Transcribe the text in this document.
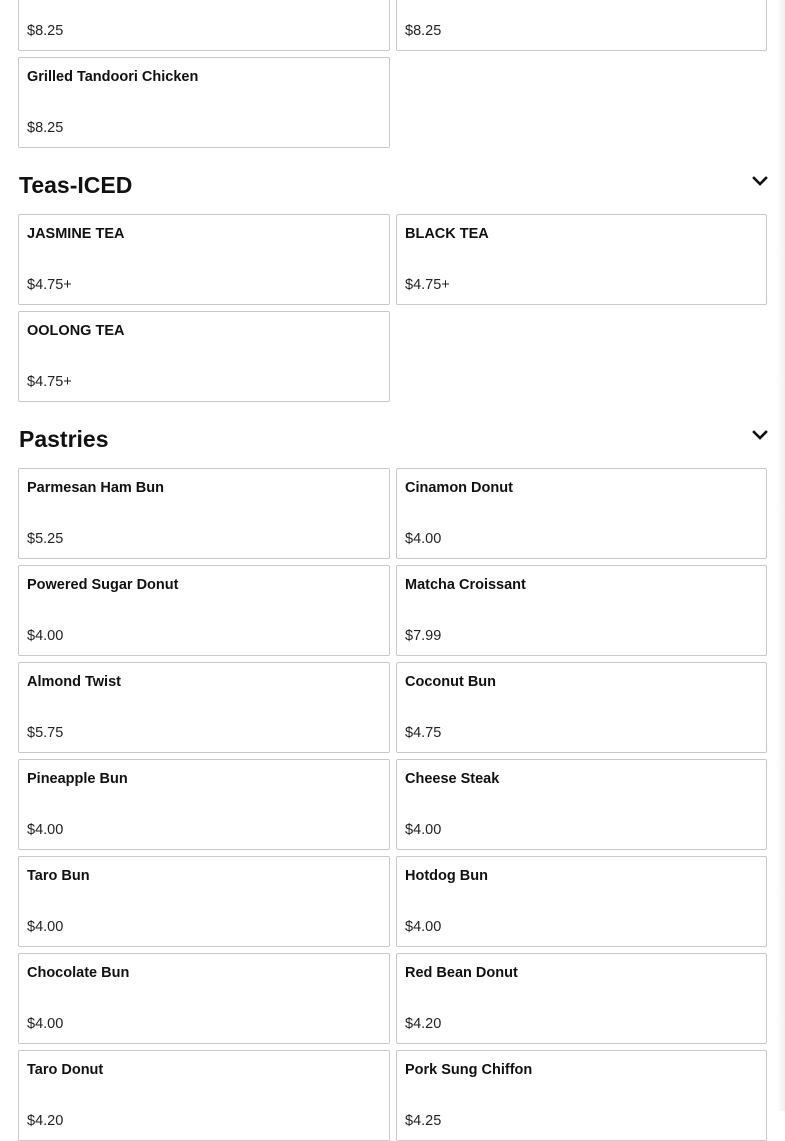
$8.25	$8.25
Grilled Tandoori Chicken
$8.25
Teas-ICED
JASMINE TEA
$4.75+
BLACK TEA
$4.75+
OOLONG TEA
$4.75+
Pastries
Parmesan Ham Bun
$5.25
Cinamon Donut
$4.00
Powered Sugar Donut
$4.00
Matcha Croissant
$7.99
Almond Twist
$5.75
Coconut Bun
$4.75
Pineapple Bun
$4.00
Cheese Steak
$4.00
Taro Bun
$4.00
Hotdog Bun
$4.00
Chocolate Bun
$4.00
Red Bean Donut
$4.20
Taro Donut
$4.20
Pork Sung Chiffon
$4.25
